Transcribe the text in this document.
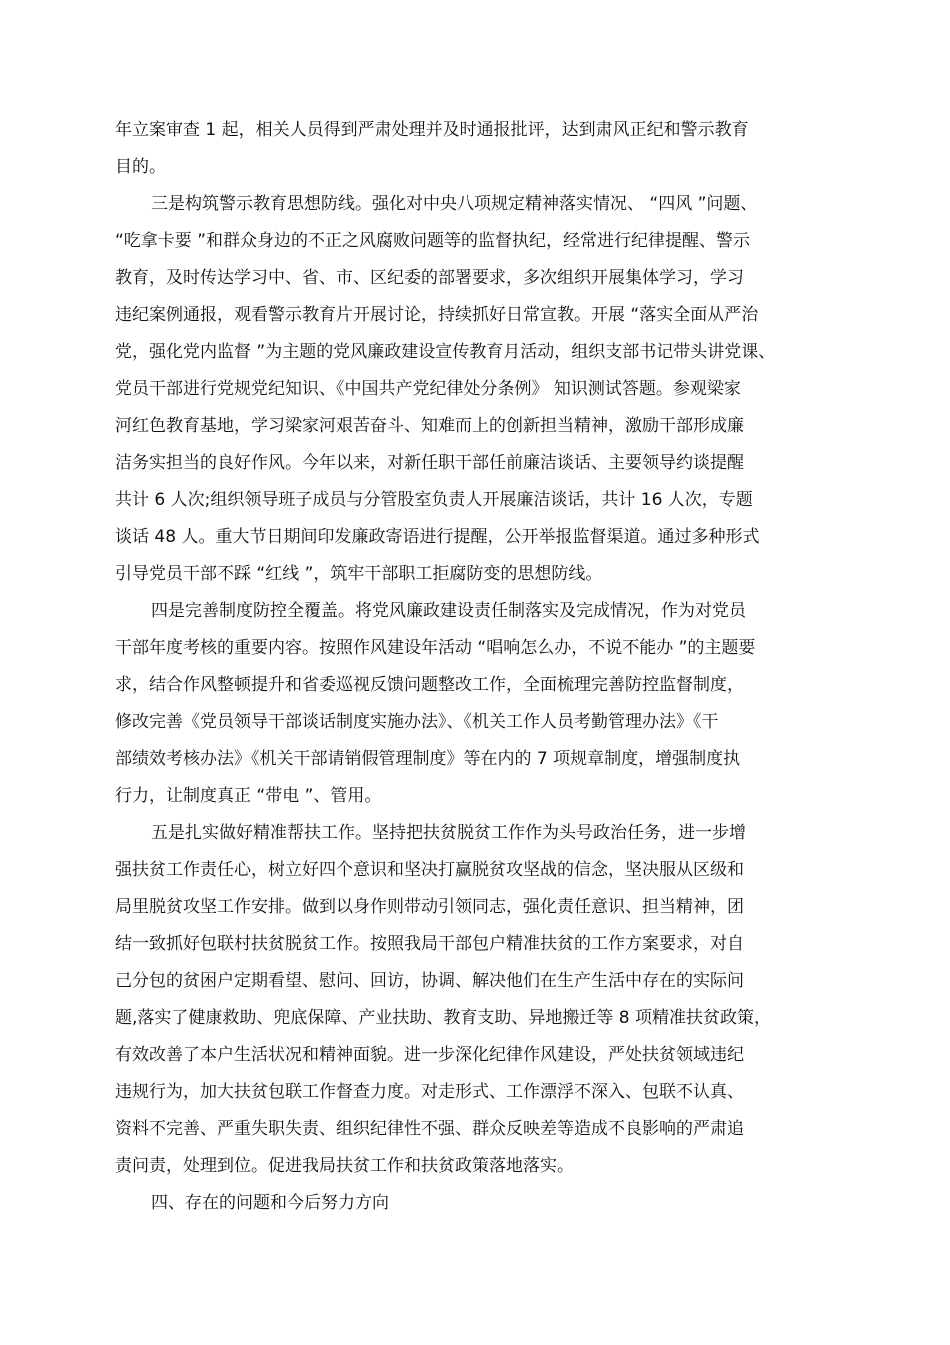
年立案审查 1 起，相关人员得到严肃处理并及时通报批评，达到肃风正纪和警示教育
目的。
三是构筑警示教育思想防线。强化对中央八项规定精神落实情况、 “四风 ”问题、
“吃拿卡要 ”和群众身边的不正之风腐败问题等的监督执纪，经常进行纪律提醒、警示
教育，及时传达学习中、省、市、区纪委的部署要求，多次组织开展集体学习，学习
违纪案例通报，观看警示教育片开展讨论，持续抓好日常宣教。开展 “落实全面从严治
党，强化党内监督 ”为主题的党风廉政建设宣传教育月活动，组织支部书记带头讲党课、
党员干部进行党规党纪知识、《中国共产党纪律处分条例》 知识测试答题。参观梁家
河红色教育基地，学习梁家河艰苦奋斗、知难而上的创新担当精神，激励干部形成廉
洁务实担当的良好作风。今年以来，对新任职干部任前廉洁谈话、主要领导约谈提醒
共计 6 人次;组织领导班子成员与分管股室负责人开展廉洁谈话，共计 16 人次，专题
谈话 48 人。重大节日期间印发廉政寄语进行提醒，公开举报监督渠道。通过多种形式
引导党员干部不踩 “红线 ”，筑牢干部职工拒腐防变的思想防线。
四是完善制度防控全覆盖。将党风廉政建设责任制落实及完成情况，作为对党员
干部年度考核的重要内容。按照作风建设年活动 “唱响怎么办，不说不能办 ”的主题要
求，结合作风整顿提升和省委巡视反馈问题整改工作，全面梳理完善防控监督制度，
修改完善《党员领导干部谈话制度实施办法》、《机关工作人员考勤管理办法》《干
部绩效考核办法》《机关干部请销假管理制度》等在内的 7 项规章制度，增强制度执
行力，让制度真正 “带电 ”、管用。
五是扎实做好精准帮扶工作。坚持把扶贫脱贫工作作为头号政治任务，进一步增
强扶贫工作责任心，树立好四个意识和坚决打赢脱贫攻坚战的信念，坚决服从区级和
局里脱贫攻坚工作安排。做到以身作则带动引领同志，强化责任意识、担当精神，团
结一致抓好包联村扶贫脱贫工作。按照我局干部包户精准扶贫的工作方案要求，对自
己分包的贫困户定期看望、慰问、回访，协调、解决他们在生产生活中存在的实际问
题,落实了健康救助、兜底保障、产业扶助、教育支助、异地搬迁等 8 项精准扶贫政策，
有效改善了本户生活状况和精神面貌。进一步深化纪律作风建设，严处扶贫领域违纪
违规行为，加大扶贫包联工作督查力度。对走形式、工作漂浮不深入、包联不认真、
资料不完善、严重失职失责、组织纪律性不强、群众反映差等造成不良影响的严肃追
责问责，处理到位。促进我局扶贫工作和扶贫政策落地落实。
四、存在的问题和今后努力方向
